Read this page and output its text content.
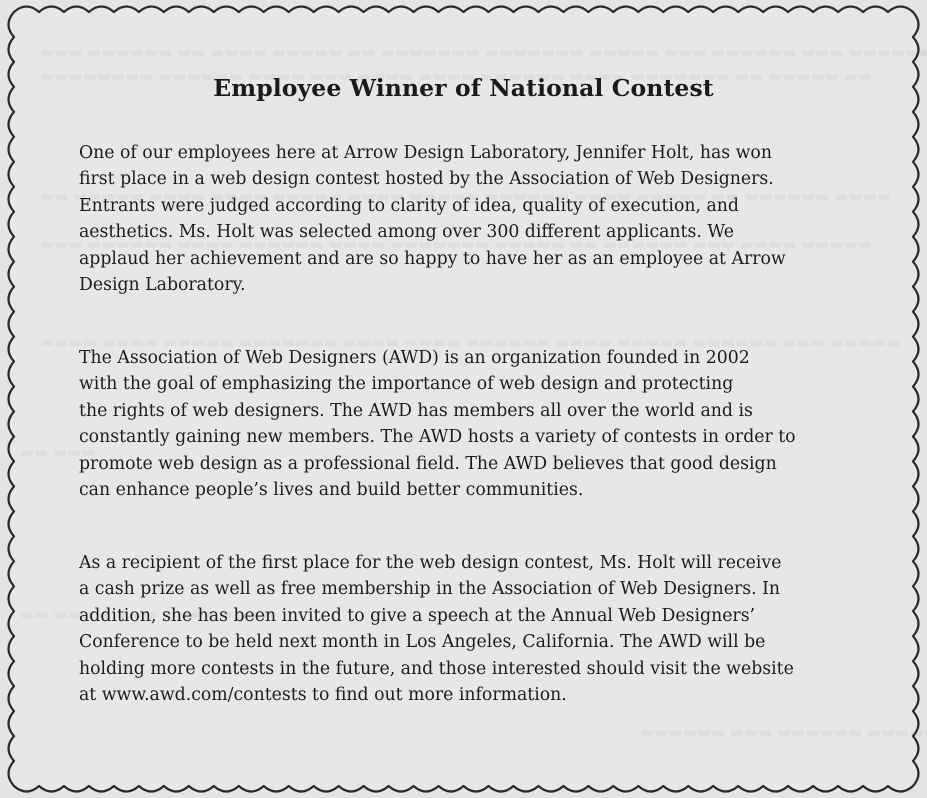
Employee Winner of National Contest

One of our employees here at Arrow Design Laboratory, Jennifer Holt, has won
first place in a web design contest hosted by the Association of Web Designers.
Entrants were judged according to clarity of idea, quality of execution, and
aesthetics. Ms. Holt was selected among over 300 different applicants. We
applaud her achievement and are so happy to have her as an employee at Arrow
Design Laboratory.

The Association of Web Designers (AWD) is an organization founded in 2002
with the goal of emphasizing the importance of web design and protecting
the rights of web designers. The AWD has members all over the world and is
constantly gaining new members. The AWD hosts a variety of contests in order to
promote web design as a professional field. The AWD believes that good design
can enhance people’s lives and build better communities.

As a recipient of the first place for the web design contest, Ms. Holt will receive
a cash prize as well as free membership in the Association of Web Designers. In
addition, she has been invited to give a speech at the Annual Web Designers’
Conference to be held next month in Los Angeles, California. The AWD will be
holding more contests in the future, and those interested should visit the website
at www.awd.com/contests to find out more information.
